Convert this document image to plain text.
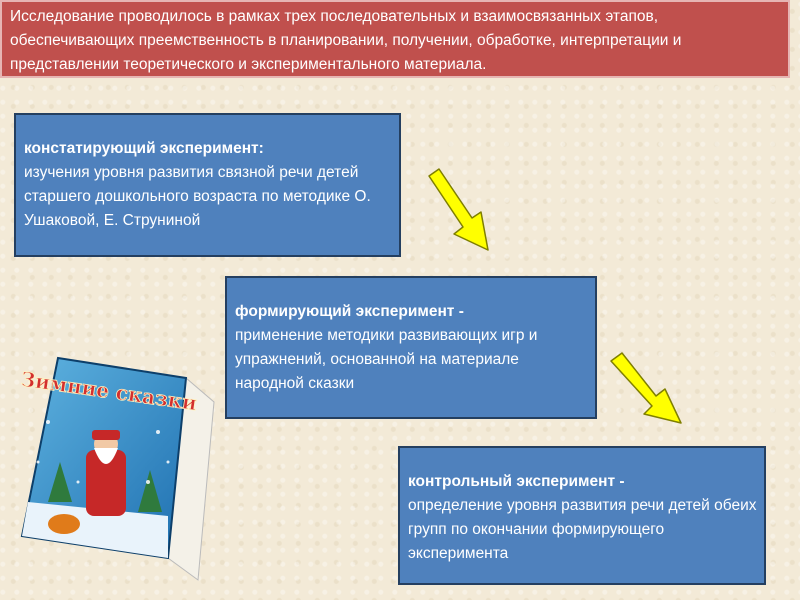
Исследование проводилось в рамках трех последовательных и взаимосвязанных этапов, обеспечивающих преемственность в планировании, получении, обработке, интерпретации и представлении теоретического и экспериментального материала.
констатирующий эксперимент:
изучения уровня развития связной речи детей старшего дошкольного возраста по методике О. Ушаковой, Е. Струниной
формирующий эксперимент -
применение методики развивающих игр и упражнений, основанной на материале народной сказки
контрольный эксперимент -
определение уровня развития речи детей обеих групп по окончании формирующего эксперимента
Зимние сказки
